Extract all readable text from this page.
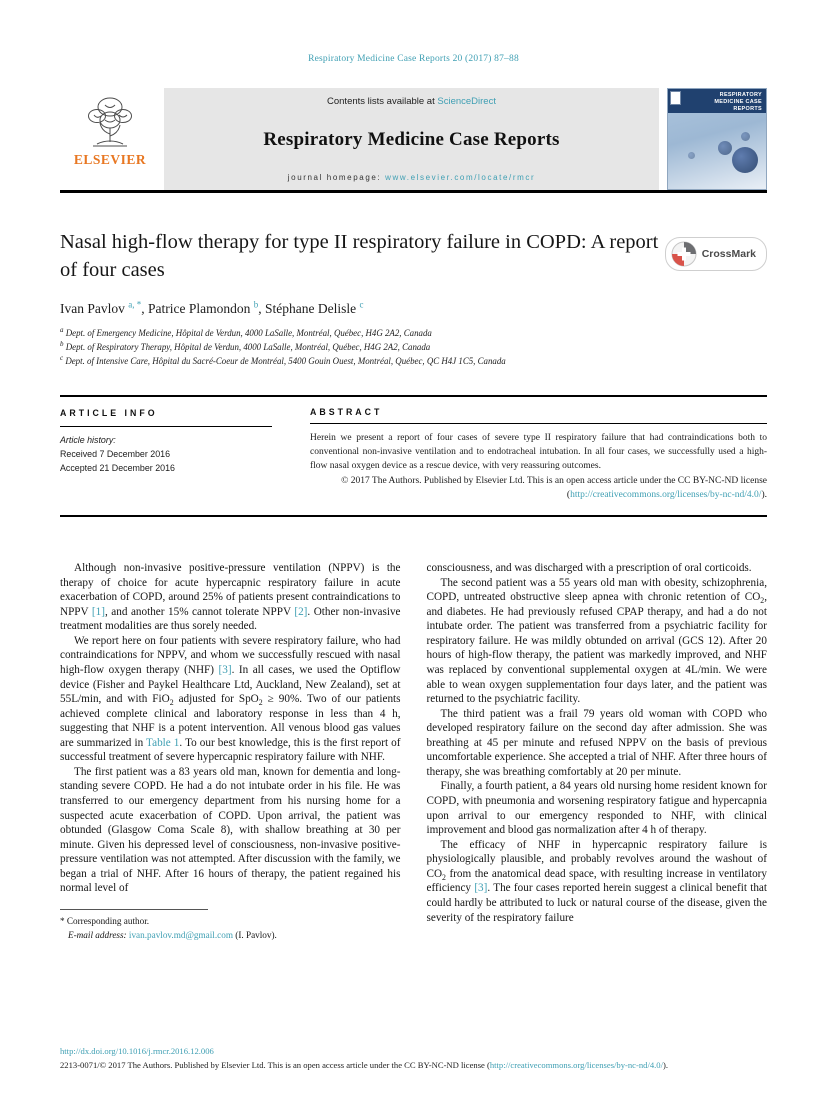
Respiratory Medicine Case Reports 20 (2017) 87–88
ELSEVIER
Contents lists available at ScienceDirect
Respiratory Medicine Case Reports
journal homepage: www.elsevier.com/locate/rmcr
RESPIRATORY MEDICINE CASE REPORTS
Nasal high-flow therapy for type II respiratory failure in COPD: A report of four cases
CrossMark
Ivan Pavlov $^{a, *}$, Patrice Plamondon $^b$, Stéphane Delisle $^c$
$^a$ Dept. of Emergency Medicine, Hôpital de Verdun, 4000 LaSalle, Montréal, Québec, H4G 2A2, Canada
$^b$ Dept. of Respiratory Therapy, Hôpital de Verdun, 4000 LaSalle, Montréal, Québec, H4G 2A2, Canada
$^c$ Dept. of Intensive Care, Hôpital du Sacré-Coeur de Montréal, 5400 Gouin Ouest, Montréal, Québec, QC H4J 1C5, Canada
ARTICLE INFO
Article history:
Received 7 December 2016
Accepted 21 December 2016
ABSTRACT

Herein we present a report of four cases of severe type II respiratory failure that had contraindications both to conventional non-invasive ventilation and to endotracheal intubation. In all four cases, we successfully used a high-flow nasal oxygen device as a rescue device, with very reassuring outcomes.

© 2017 The Authors. Published by Elsevier Ltd. This is an open access article under the CC BY-NC-ND license (http://creativecommons.org/licenses/by-nc-nd/4.0/).

Although non-invasive positive-pressure ventilation (NPPV) is the therapy of choice for acute hypercapnic respiratory failure in acute exacerbation of COPD, around 25% of patients present contraindications to NPPV [1], and another 15% cannot tolerate NPPV [2]. Other non-invasive treatment modalities are thus sorely needed.

We report here on four patients with severe respiratory failure, who had contraindications for NPPV, and whom we successfully rescued with nasal high-flow oxygen therapy (NHF) [3]. In all cases, we used the Optiflow device (Fisher and Paykel Healthcare Ltd, Auckland, New Zealand), set at 55L/min, and with FiO$_2$ adjusted for SpO$_2$ ≥ 90%. Two of our patients achieved complete clinical and laboratory response in less than 4 h, suggesting that NHF is a potent intervention. All venous blood gas values are summarized in Table 1. To our best knowledge, this is the first report of successful treatment of severe hypercapnic respiratory failure with NHF.

The first patient was a 83 years old man, known for dementia and long-standing severe COPD. He had a do not intubate order in his file. He was transferred to our emergency department from his nursing home for a suspected acute exacerbation of COPD. Upon arrival, the patient was obtunded (Glasgow Coma Scale 8), with shallow breathing at 30 per minute. Given his depressed level of consciousness, non-invasive positive-pressure ventilation was not attempted. After discussion with the family, we began a trial of NHF. After 16 hours of therapy, the patient regained his normal level of

* Corresponding author.
E-mail address: ivan.pavlov.md@gmail.com (I. Pavlov).

consciousness, and was discharged with a prescription of oral corticoids.

The second patient was a 55 years old man with obesity, schizophrenia, COPD, untreated obstructive sleep apnea with chronic retention of $CO_2$, and diabetes. He had previously refused CPAP therapy, and had a do not intubate order. The patient was transferred from a psychiatric facility for respiratory failure. He was mildly obtunded on arrival (GCS 12). After 20 hours of high-flow therapy, the patient was markedly improved, and NHF was replaced by conventional supplemental oxygen at 4L/min. We were able to wean oxygen supplementation four days later, and the patient was returned to the psychiatric facility.

The third patient was a frail 79 years old woman with COPD who developed respiratory failure on the second day after admission. She was breathing at 45 per minute and refused NPPV on the basis of previous uncomfortable experience. She accepted a trial of NHF. After three hours of therapy, she was breathing comfortably at 20 per minute.

Finally, a fourth patient, a 84 years old nursing home resident known for COPD, with pneumonia and worsening respiratory fatigue and hypercapnia upon arrival to our emergency responded to NHF, with clinical improvement and blood gas normalization after 4 h of therapy.

The efficacy of NHF in hypercapnic respiratory failure is physiologically plausible, and probably revolves around the washout of $CO_2$ from the anatomical dead space, with resulting increase in ventilatory efficiency [3]. The four cases reported herein suggest a clinical benefit that could hardly be attributed to luck or natural course of the disease, given the severity of the respiratory failure

http://dx.doi.org/10.1016/j.rmcr.2016.12.006
2213-0071/© 2017 The Authors. Published by Elsevier Ltd. This is an open access article under the CC BY-NC-ND license (http://creativecommons.org/licenses/by-nc-nd/4.0/).
